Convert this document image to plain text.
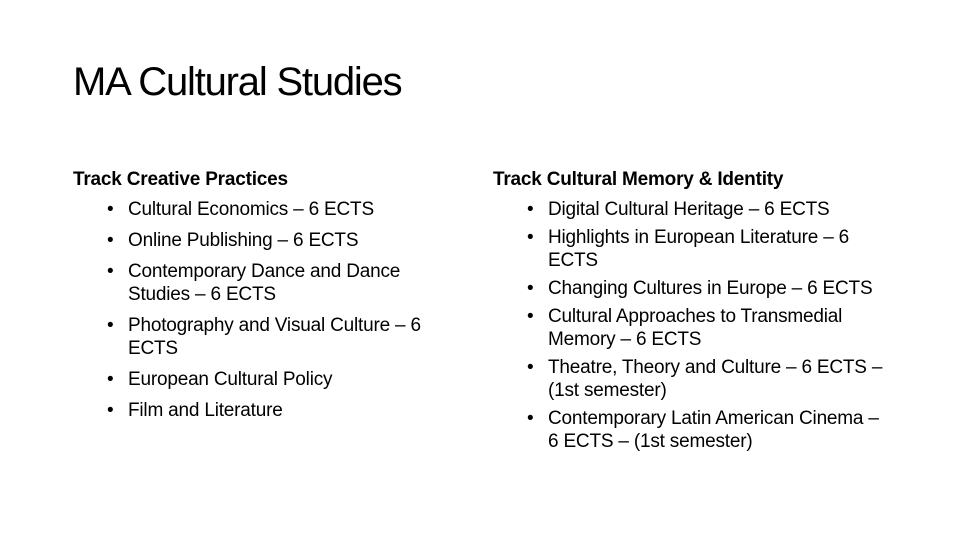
MA Cultural Studies
Track Creative Practices
• Cultural Economics – 6 ECTS
• Online Publishing – 6 ECTS
• Contemporary Dance and Dance Studies – 6 ECTS
• Photography and Visual Culture – 6 ECTS
• European Cultural Policy
• Film and Literature
Track Cultural Memory & Identity
• Digital Cultural Heritage – 6 ECTS
• Highlights in European Literature – 6 ECTS
• Changing Cultures in Europe – 6 ECTS
• Cultural Approaches to Transmedial Memory – 6 ECTS
• Theatre, Theory and Culture – 6 ECTS – (1st semester)
• Contemporary Latin American Cinema – 6 ECTS – (1st semester)
